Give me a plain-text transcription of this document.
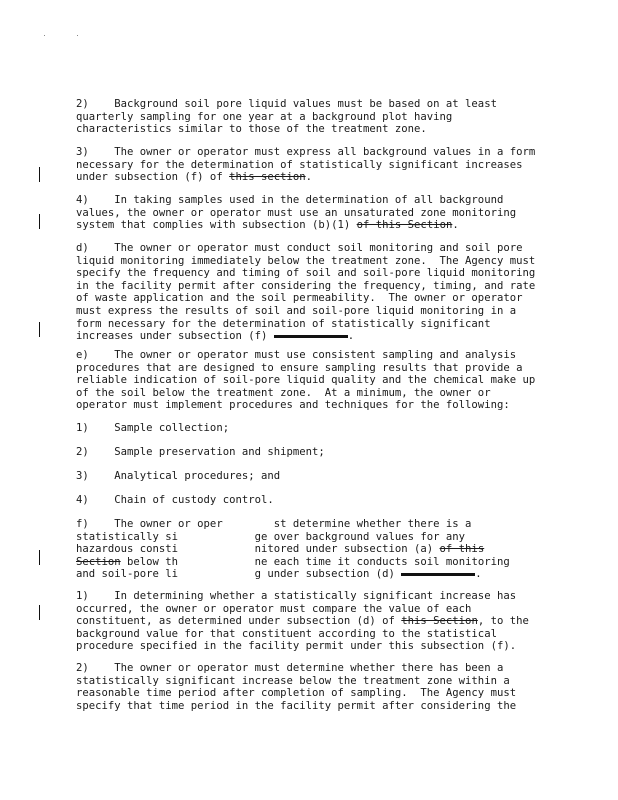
2)    Background soil pore liquid values must be based on at least
quarterly sampling for one year at a background plot having
characteristics similar to those of the treatment zone.
3)    The owner or operator must express all background values in a form
necessary for the determination of statistically significant increases
under subsection (f) of this section.
4)    In taking samples used in the determination of all background
values, the owner or operator must use an unsaturated zone monitoring
system that complies with subsection (b)(1) of this Section.
d)    The owner or operator must conduct soil monitoring and soil pore
liquid monitoring immediately below the treatment zone.  The Agency must
specify the frequency and timing of soil and soil-pore liquid monitoring
in the facility permit after considering the frequency, timing, and rate
of waste application and the soil permeability.  The owner or operator
must express the results of soil and soil-pore liquid monitoring in a
form necessary for the determination of statistically significant
increases under subsection (f)	.
e)    The owner or operator must use consistent sampling and analysis
procedures that are designed to ensure sampling results that provide a
reliable indication of soil-pore liquid quality and the chemical make up
of the soil below the treatment zone.  At a minimum, the owner or
operator must implement procedures and techniques for the following:
1)    Sample collection;
2)    Sample preservation and shipment;
3)    Analytical procedures; and
4)    Chain of custody control.
f)    The owner or oper        st determine whether there is a
statistically si            ge over background values for any
hazardous consti            nitored under subsection (a) of this
Section below th            ne each time it conducts soil monitoring
and soil-pore li            g under subsection (d)	.
1)    In determining whether a statistically significant increase has
occurred, the owner or operator must compare the value of each
constituent, as determined under subsection (d) of this Section, to the
background value for that constituent according to the statistical
procedure specified in the facility permit under this subsection (f).
2)    The owner or operator must determine whether there has been a
statistically significant increase below the treatment zone within a
reasonable time period after completion of sampling.  The Agency must
specify that time period in the facility permit after considering the
